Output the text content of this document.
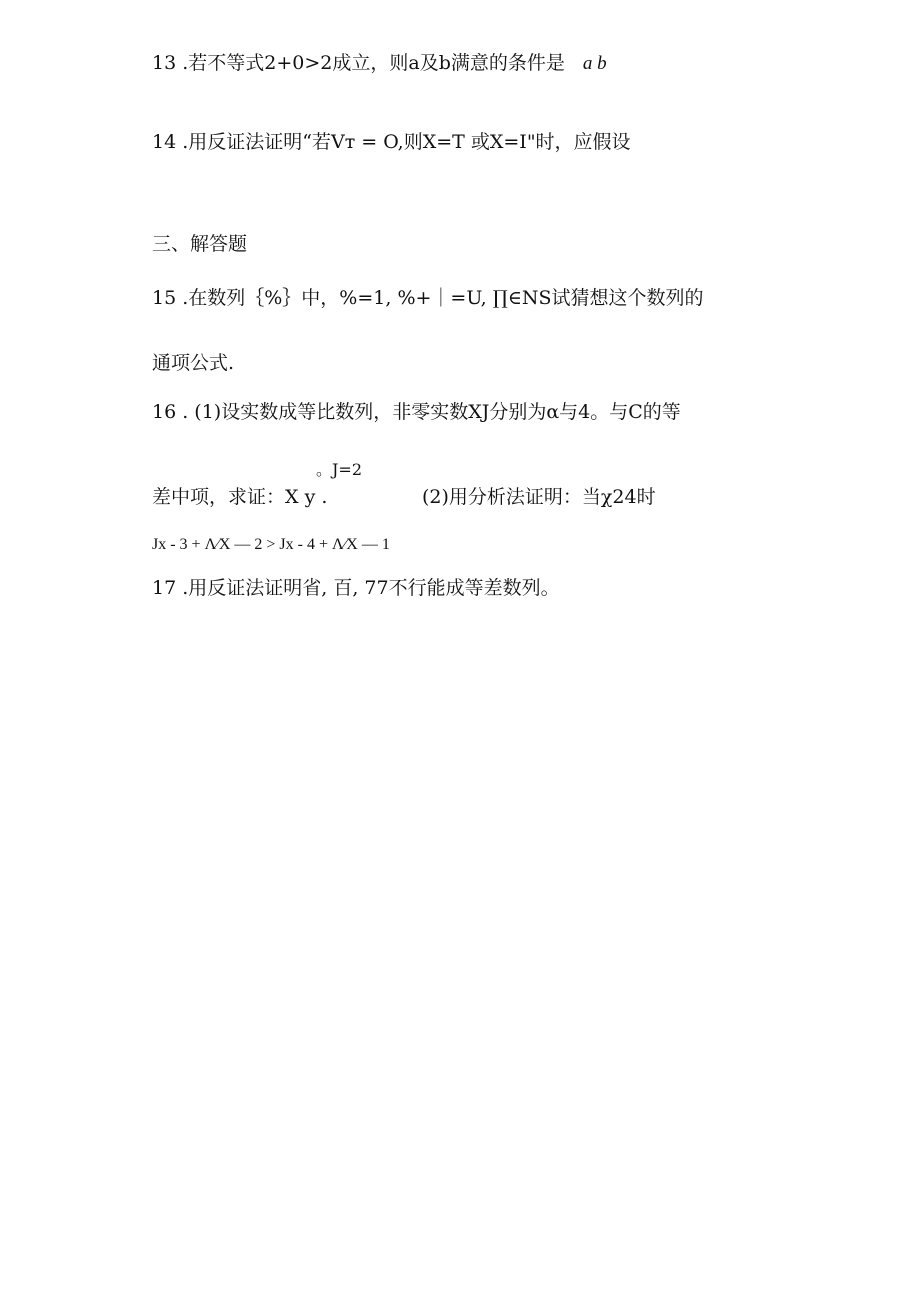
13 .若不等式2+0>2成立，则a及b满意的条件是 a b
14 .用反证法证明“若Vт = O,则X=T 或X=I"时，应假设
三、解答题
15 .在数列｛%｝中，%=1, %+｜=U, ∏∈NS试猜想这个数列的
通项公式.
16 . (1)设实数成等比数列，非零实数XJ分别为α与4。与C的等
。J=2
差中项，求证：X y .	(2)用分析法证明：当χ24时
Jx - 3 + Λ∕X — 2 > Jx - 4 + Λ∕X — 1
17 .用反证法证明省, 百, 77不行能成等差数列。
